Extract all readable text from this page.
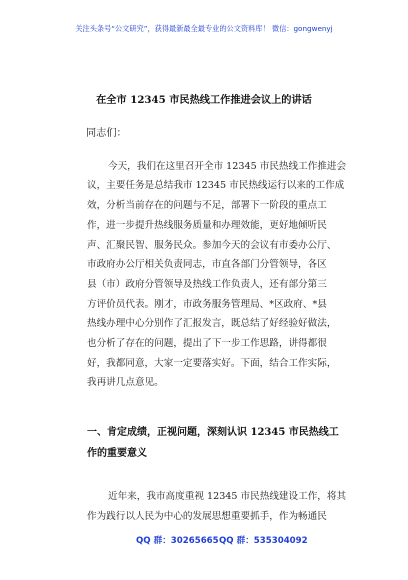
关注头条号“公文研究”，获得最新最全最专业的公文资料库！ 微信：gongwenyj
在全市 12345 市民热线工作推进会议上的讲话
同志们：
今天，我们在这里召开全市 12345 市民热线工作推进会
议，主要任务是总结我市 12345 市民热线运行以来的工作成
效，分析当前存在的问题与不足，部署下一阶段的重点工
作，进一步提升热线服务质量和办理效能，更好地倾听民
声、汇聚民智、服务民众。参加今天的会议有市委办公厅、
市政府办公厅相关负责同志，市直各部门分管领导，各区
县（市）政府分管领导及热线工作负责人，还有部分第三
方评价员代表。刚才，市政务服务管理局、*区政府、*县
热线办理中心分别作了汇报发言，既总结了好经验好做法，
也分析了存在的问题，提出了下一步工作思路，讲得都很
好，我都同意，大家一定要落实好。下面，结合工作实际，
我再讲几点意见。
一、肯定成绩，正视问题，深刻认识 12345 市民热线工
作的重要意义
近年来，我市高度重视 12345 市民热线建设工作，将其
作为践行以人民为中心的发展思想重要抓手，作为畅通民
QQ 群：30265665 QQ 群：535304092
